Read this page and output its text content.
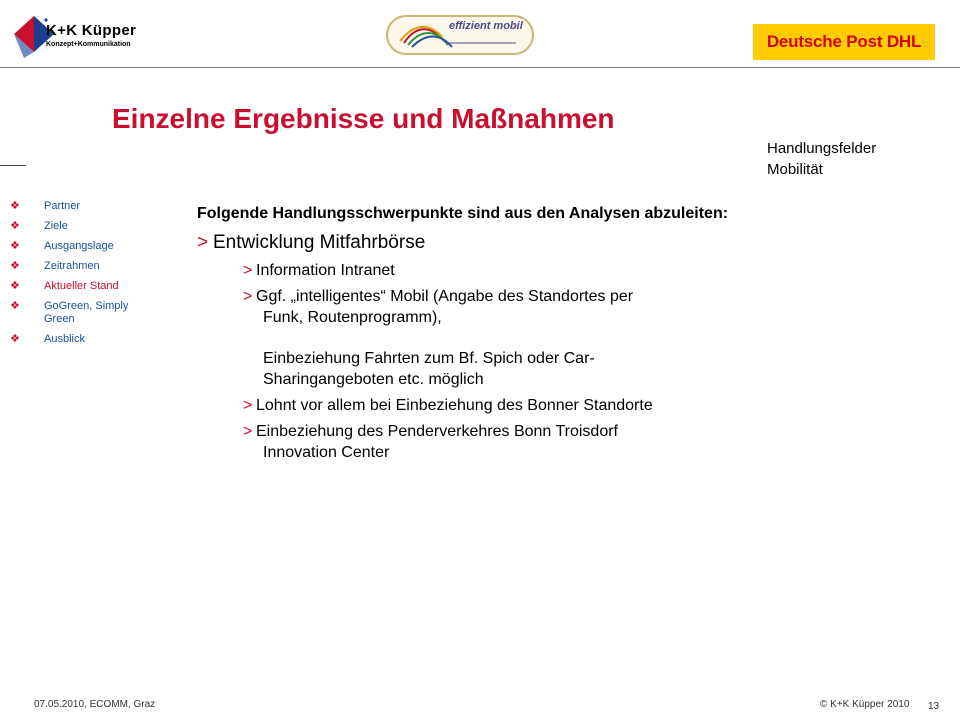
K+K Küpper
Konzept+Kommunikation
effizient mobil
Deutsche Post DHL
Einzelne Ergebnisse und Maßnahmen
Handlungsfelder
Mobilität
❖ Partner
❖ Ziele
❖ Ausgangslage
❖ Zeitrahmen
❖ Aktueller Stand
❖ GoGreen, Simply Green
❖ Ausblick
Folgende Handlungsschwerpunkte sind aus den Analysen abzuleiten:
> Entwicklung Mitfahrbörse
> Information Intranet
> Ggf. „intelligentes“ Mobil (Angabe des Standortes per
Funk, Routenprogramm),
Einbeziehung Fahrten zum Bf. Spich oder Car-
Sharingangeboten etc. möglich
> Lohnt vor allem bei Einbeziehung des Bonner Standorte
> Einbeziehung des Penderverkehres Bonn Troisdorf
Innovation Center
07.05.2010, ECOMM, Graz	© K+K Küpper 2010 13
